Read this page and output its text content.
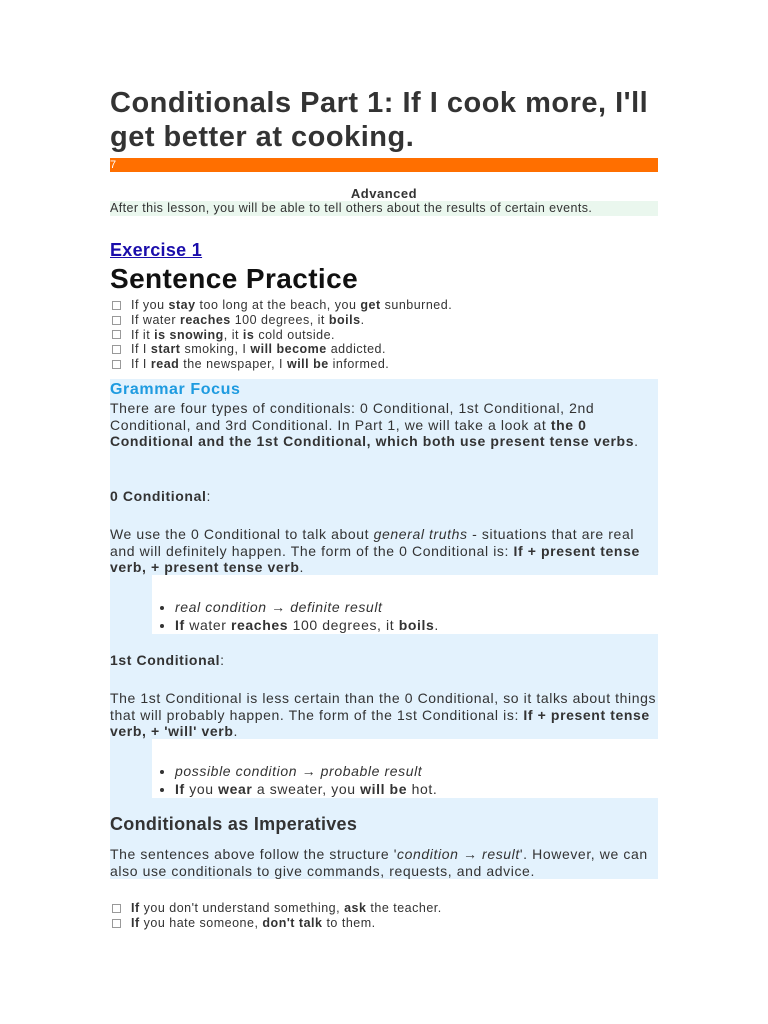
Conditionals Part 1: If I cook more, I'll get better at cooking.
7
Advanced
After this lesson, you will be able to tell others about the results of certain events.
Exercise 1
Sentence Practice
If you stay too long at the beach, you get sunburned.
If water reaches 100 degrees, it boils.
If it is snowing, it is cold outside.
If I start smoking, I will become addicted.
If I read the newspaper, I will be informed.
Grammar Focus
There are four types of conditionals: 0 Conditional, 1st Conditional, 2nd Conditional, and 3rd Conditional. In Part 1, we will take a look at the 0 Conditional and the 1st Conditional, which both use present tense verbs.
0 Conditional:
We use the 0 Conditional to talk about general truths - situations that are real and will definitely happen. The form of the 0 Conditional is: If + present tense verb, + present tense verb.
• real condition → definite result
• If water reaches 100 degrees, it boils.
1st Conditional:
The 1st Conditional is less certain than the 0 Conditional, so it talks about things that will probably happen. The form of the 1st Conditional is: If + present tense verb, + 'will' verb.
• possible condition → probable result
• If you wear a sweater, you will be hot.
The sentences above follow the structure 'condition → result'. However, we can also use conditionals to give commands, requests, and advice.
Conditionals as Imperatives
If you don't understand something, ask the teacher.
If you hate someone, don't talk to them.
